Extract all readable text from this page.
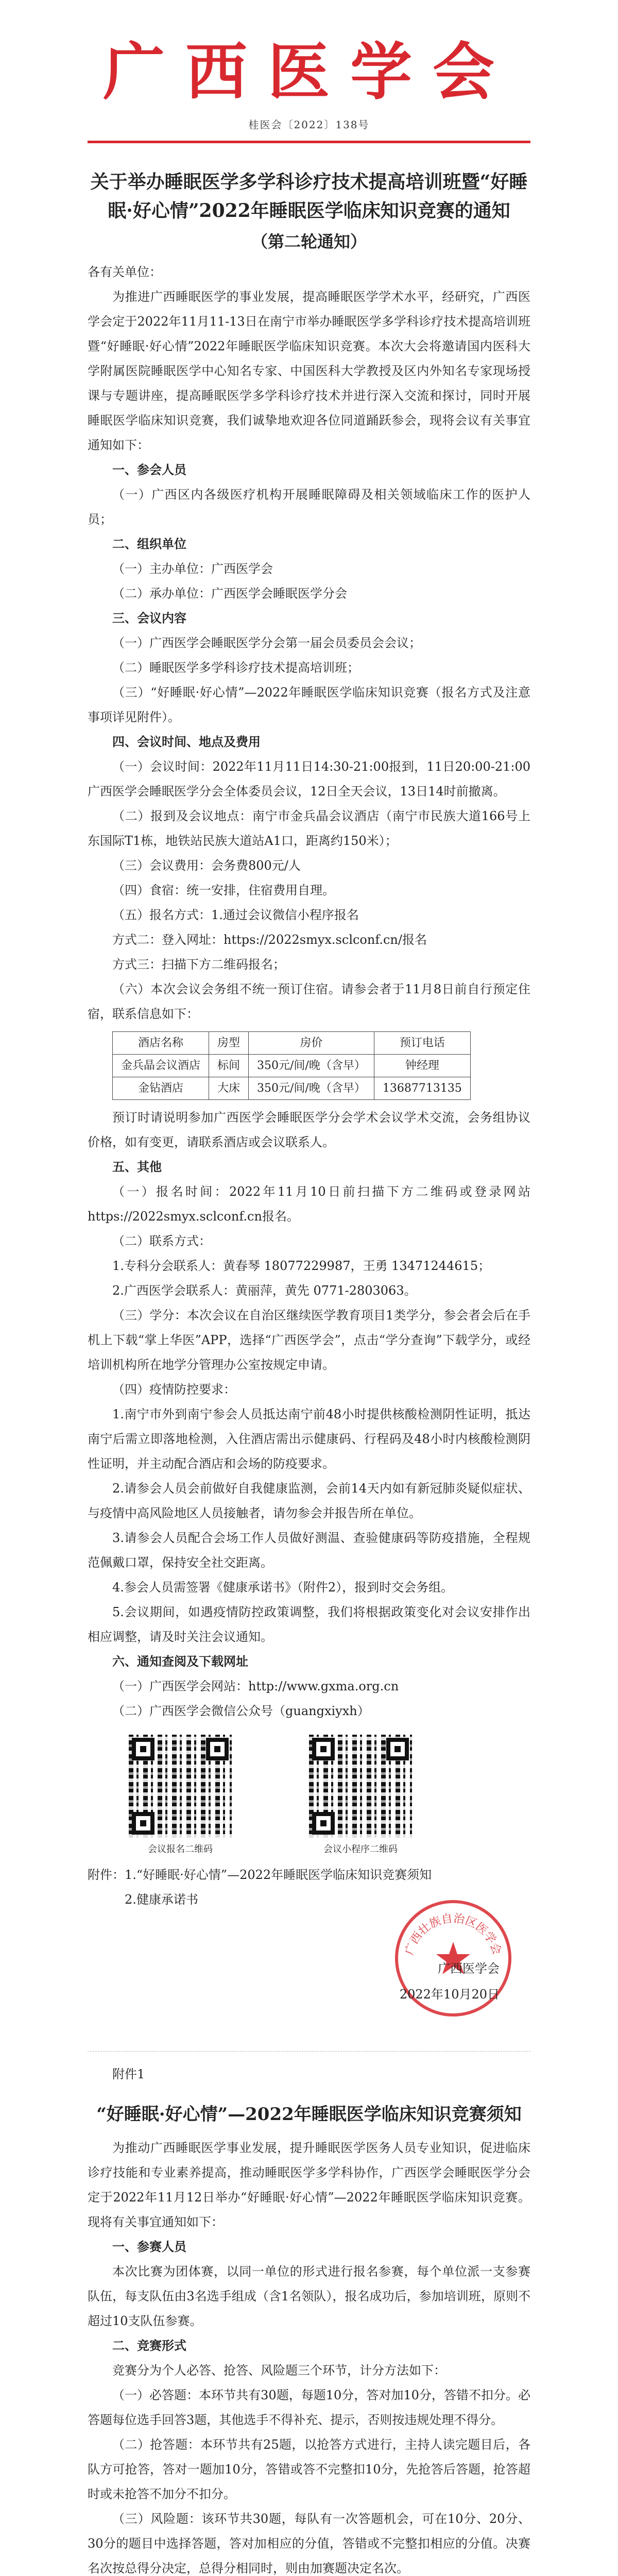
广西医学会
桂医会〔2022〕138号
关于举办睡眠医学多学科诊疗技术提高培训班暨“好睡眠·好心情”2022年睡眠医学临床知识竞赛的通知
（第二轮通知）

各有关单位：

为推进广西睡眠医学的事业发展，提高睡眠医学学术水平，经研究，广西医学会定于2022年11月11-13日在南宁市举办睡眠医学多学科诊疗技术提高培训班暨“好睡眠·好心情”2022年睡眠医学临床知识竞赛。本次大会将邀请国内医科大学附属医院睡眠医学中心知名专家、中国医科大学教授及区内外知名专家现场授课与专题讲座，提高睡眠医学多学科诊疗技术并进行深入交流和探讨，同时开展睡眠医学临床知识竞赛，我们诚挚地欢迎各位同道踊跃参会，现将会议有关事宜通知如下：

一、参会人员

（一）广西区内各级医疗机构开展睡眠障碍及相关领域临床工作的医护人员；

二、组织单位

（一）主办单位：广西医学会

（二）承办单位：广西医学会睡眠医学分会

三、会议内容

（一）广西医学会睡眠医学分会第一届会员委员会会议；

（二）睡眠医学多学科诊疗技术提高培训班；

（三）“好睡眠·好心情”—2022年睡眠医学临床知识竞赛（报名方式及注意事项详见附件）。

四、会议时间、地点及费用

（一）会议时间：2022年11月11日14:30-21:00报到，11日20:00-21:00广西医学会睡眠医学分会全体委员会议，12日全天会议，13日14时前撤离。

（二）报到及会议地点：南宁市金兵晶会议酒店（南宁市民族大道166号上东国际T1栋，地铁站民族大道站A1口，距离约150米）；

（三）会议费用：会务费800元/人

（四）食宿：统一安排，住宿费用自理。

（五）报名方式：1.通过会议微信小程序报名

方式二：登入网址：https://2022smyx.sclconf.cn/报名

方式三：扫描下方二维码报名；

（六）本次会议会务组不统一预订住宿。请参会者于11月8日前自行预定住宿，联系信息如下：

酒店名称	房型	房价	预订电话
金兵晶会议酒店	标间	350元/间/晚（含早）	钟经理
金钻酒店	大床	350元/间/晚（含早）	13687713135

预订时请说明参加广西医学会睡眠医学分会学术会议学术交流，会务组协议价格，如有变更，请联系酒店或会议联系人。

五、其他

（一）报名时间：2022年11月10日前扫描下方二维码或登录网站https://2022smyx.sclconf.cn报名。

（二）联系方式：

1.专科分会联系人：黄春琴 18077229987，王勇 13471244615；

2.广西医学会联系人：黄丽萍，黄先 0771-2803063。

（三）学分：本次会议在自治区继续医学教育项目1类学分，参会者会后在手机上下载“掌上华医”APP，选择“广西医学会”，点击“学分查询”下载学分，或经培训机构所在地学分管理办公室按规定申请。

（四）疫情防控要求：

1.南宁市外到南宁参会人员抵达南宁前48小时提供核酸检测阴性证明，抵达南宁后需立即落地检测，入住酒店需出示健康码、行程码及48小时内核酸检测阴性证明，并主动配合酒店和会场的防疫要求。

2.请参会人员会前做好自我健康监测，会前14天内如有新冠肺炎疑似症状、与疫情中高风险地区人员接触者，请勿参会并报告所在单位。

3.请参会人员配合会场工作人员做好测温、查验健康码等防疫措施，全程规范佩戴口罩，保持安全社交距离。

4.参会人员需签署《健康承诺书》（附件2），报到时交会务组。

5.会议期间，如遇疫情防控政策调整，我们将根据政策变化对会议安排作出相应调整，请及时关注会议通知。

六、通知查阅及下载网址

（一）广西医学会网站：http://www.gxma.org.cn

（二）广西医学会微信公众号（guangxiyxh）

会议报名二维码	会议小程序二维码

附件：1.“好睡眠·好心情”—2022年睡眠医学临床知识竞赛须知

2.健康承诺书

广西壮族自治区医学会
广西医学会
2022年10月20日

附件1

“好睡眠·好心情”—2022年睡眠医学临床知识竞赛须知

为推动广西睡眠医学事业发展，提升睡眠医学医务人员专业知识，促进临床诊疗技能和专业素养提高，推动睡眠医学多学科协作，广西医学会睡眠医学分会定于2022年11月12日举办“好睡眠·好心情”—2022年睡眠医学临床知识竞赛。现将有关事宜通知如下：

一、参赛人员

本次比赛为团体赛，以同一单位的形式进行报名参赛，每个单位派一支参赛队伍，每支队伍由3名选手组成（含1名领队），报名成功后，参加培训班，原则不超过10支队伍参赛。

二、竞赛形式

竞赛分为个人必答、抢答、风险题三个环节，计分方法如下：

（一）必答题：本环节共有30题，每题10分，答对加10分，答错不扣分。必答题每位选手回答3题，其他选手不得补充、提示，否则按违规处理不得分。

（二）抢答题：本环节共有25题，以抢答方式进行，主持人读完题目后，各队方可抢答，答对一题加10分，答错或答不完整扣10分，先抢答后答题，抢答超时或未抢答不加分不扣分。

（三）风险题：该环节共30题，每队有一次答题机会，可在10分、20分、30分的题目中选择答题，答对加相应的分值，答错或不完整扣相应的分值。决赛名次按总得分决定，总得分相同时，则由加赛题决定名次。
